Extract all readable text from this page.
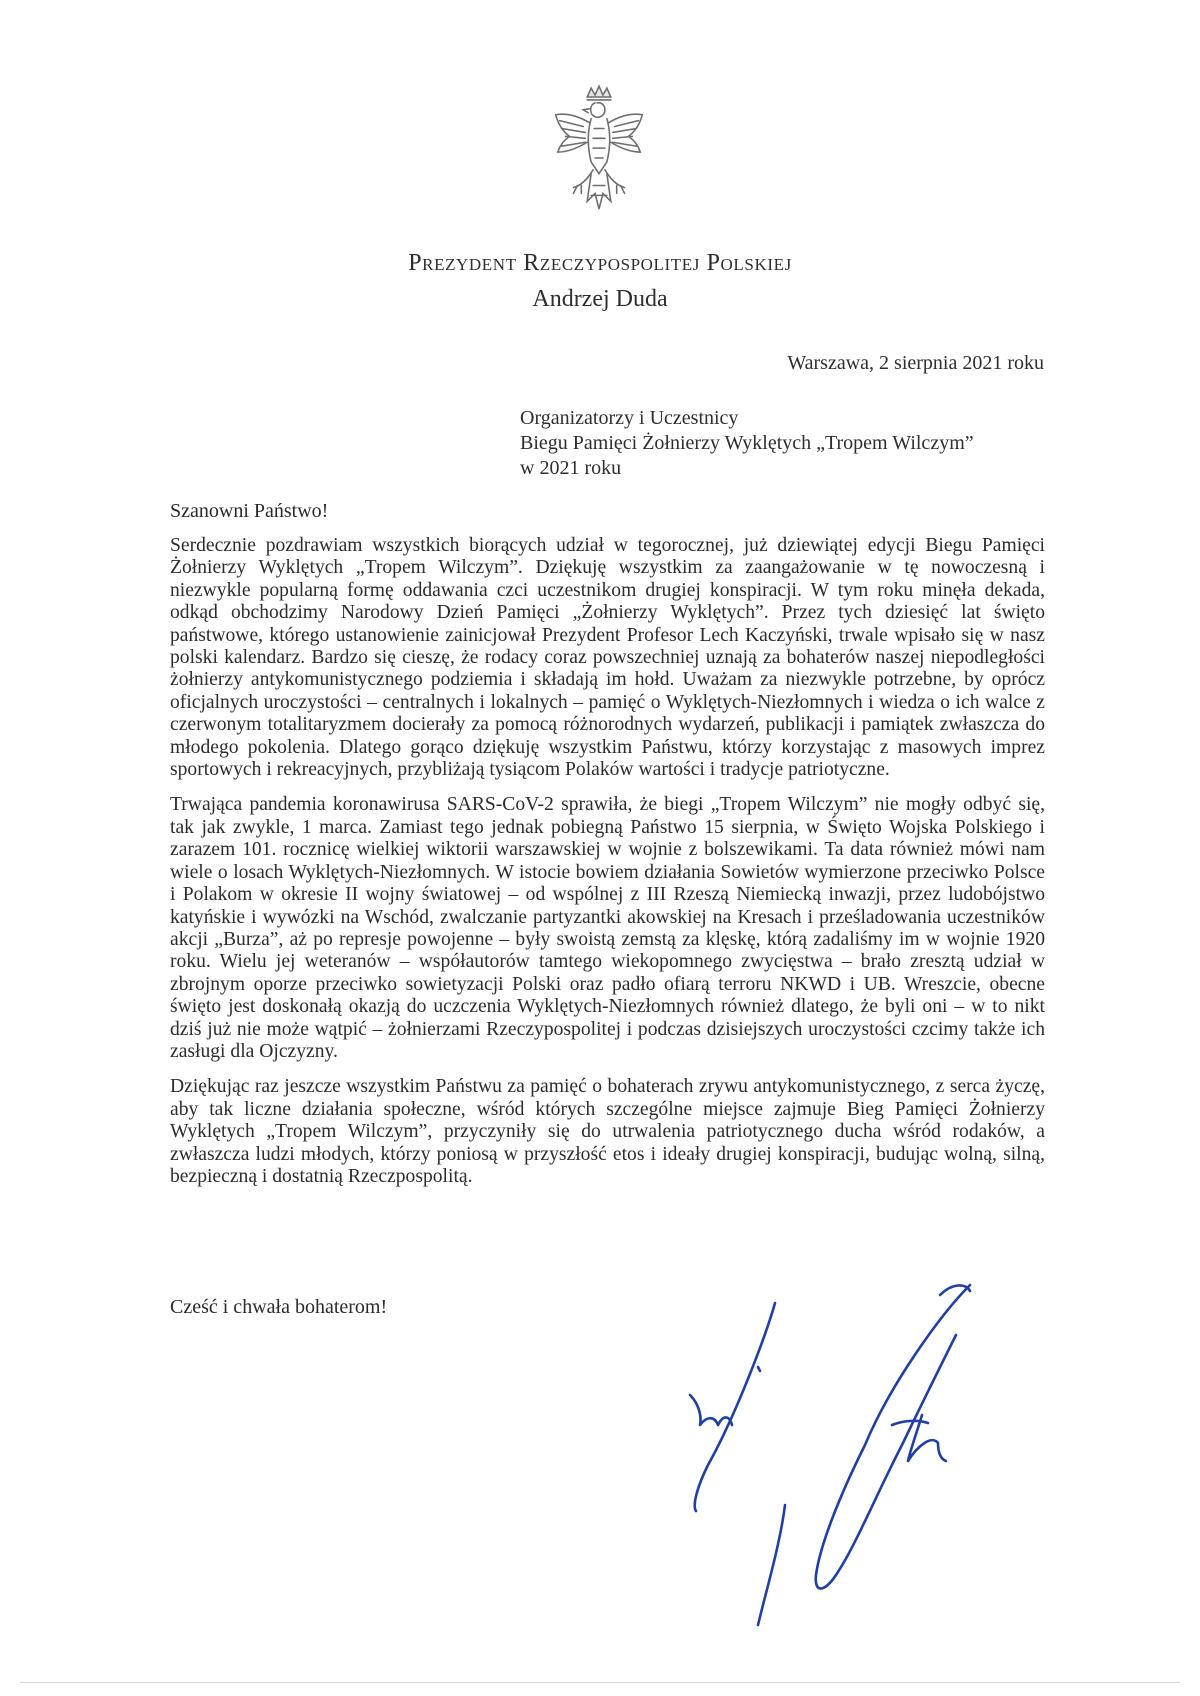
Prezydent Rzeczypospolitej Polskiej
Andrzej Duda
Warszawa, 2 sierpnia 2021 roku
Organizatorzy i Uczestnicy
Biegu Pamięci Żołnierzy Wyklętych „Tropem Wilczym”
w 2021 roku
Szanowni Państwo!

Serdecznie pozdrawiam wszystkich biorących udział w tegorocznej, już dziewiątej edycji Biegu Pamięci Żołnierzy Wyklętych „Tropem Wilczym”. Dziękuję wszystkim za zaangażowanie w tę nowoczesną i niezwykle popularną formę oddawania czci uczestnikom drugiej konspiracji. W tym roku minęła dekada, odkąd obchodzimy Narodowy Dzień Pamięci „Żołnierzy Wyklętych”. Przez tych dziesięć lat święto państwowe, którego ustanowienie zainicjował Prezydent Profesor Lech Kaczyński, trwale wpisało się w nasz polski kalendarz. Bardzo się cieszę, że rodacy coraz powszechniej uznają za bohaterów naszej niepodległości żołnierzy antykomunistycznego podziemia i składają im hołd. Uważam za niezwykle potrzebne, by oprócz oficjalnych uroczystości – centralnych i lokalnych – pamięć o Wyklętych-Niezłomnych i wiedza o ich walce z czerwonym totalitaryzmem docierały za pomocą różnorodnych wydarzeń, publikacji i pamiątek zwłaszcza do młodego pokolenia. Dlatego gorąco dziękuję wszystkim Państwu, którzy korzystając z masowych imprez sportowych i rekreacyjnych, przybliżają tysiącom Polaków wartości i tradycje patriotyczne.

Trwająca pandemia koronawirusa SARS-CoV-2 sprawiła, że biegi „Tropem Wilczym” nie mogły odbyć się, tak jak zwykle, 1 marca. Zamiast tego jednak pobiegną Państwo 15 sierpnia, w Święto Wojska Polskiego i zarazem 101. rocznicę wielkiej wiktorii warszawskiej w wojnie z bolszewikami. Ta data również mówi nam wiele o losach Wyklętych-Niezłomnych. W istocie bowiem działania Sowietów wymierzone przeciwko Polsce i Polakom w okresie II wojny światowej – od wspólnej z III Rzeszą Niemiecką inwazji, przez ludobójstwo katyńskie i wywózki na Wschód, zwalczanie partyzantki akowskiej na Kresach i prześladowania uczestników akcji „Burza”, aż po represje powojenne – były swoistą zemstą za klęskę, którą zadaliśmy im w wojnie 1920 roku. Wielu jej weteranów – współautorów tamtego wiekopomnego zwycięstwa – brało zresztą udział w zbrojnym oporze przeciwko sowietyzacji Polski oraz padło ofiarą terroru NKWD i UB. Wreszcie, obecne święto jest doskonałą okazją do uczczenia Wyklętych-Niezłomnych również dlatego, że byli oni – w to nikt dziś już nie może wątpić – żołnierzami Rzeczypospolitej i podczas dzisiejszych uroczystości czcimy także ich zasługi dla Ojczyzny.

Dziękując raz jeszcze wszystkim Państwu za pamięć o bohaterach zrywu antykomunistycznego, z serca życzę, aby tak liczne działania społeczne, wśród których szczególne miejsce zajmuje Bieg Pamięci Żołnierzy Wyklętych „Tropem Wilczym”, przyczyniły się do utrwalenia patriotycznego ducha wśród rodaków, a zwłaszcza ludzi młodych, którzy poniosą w przyszłość etos i ideały drugiej konspiracji, budując wolną, silną, bezpieczną i dostatnią Rzeczpospolitą.

Cześć i chwała bohaterom!
